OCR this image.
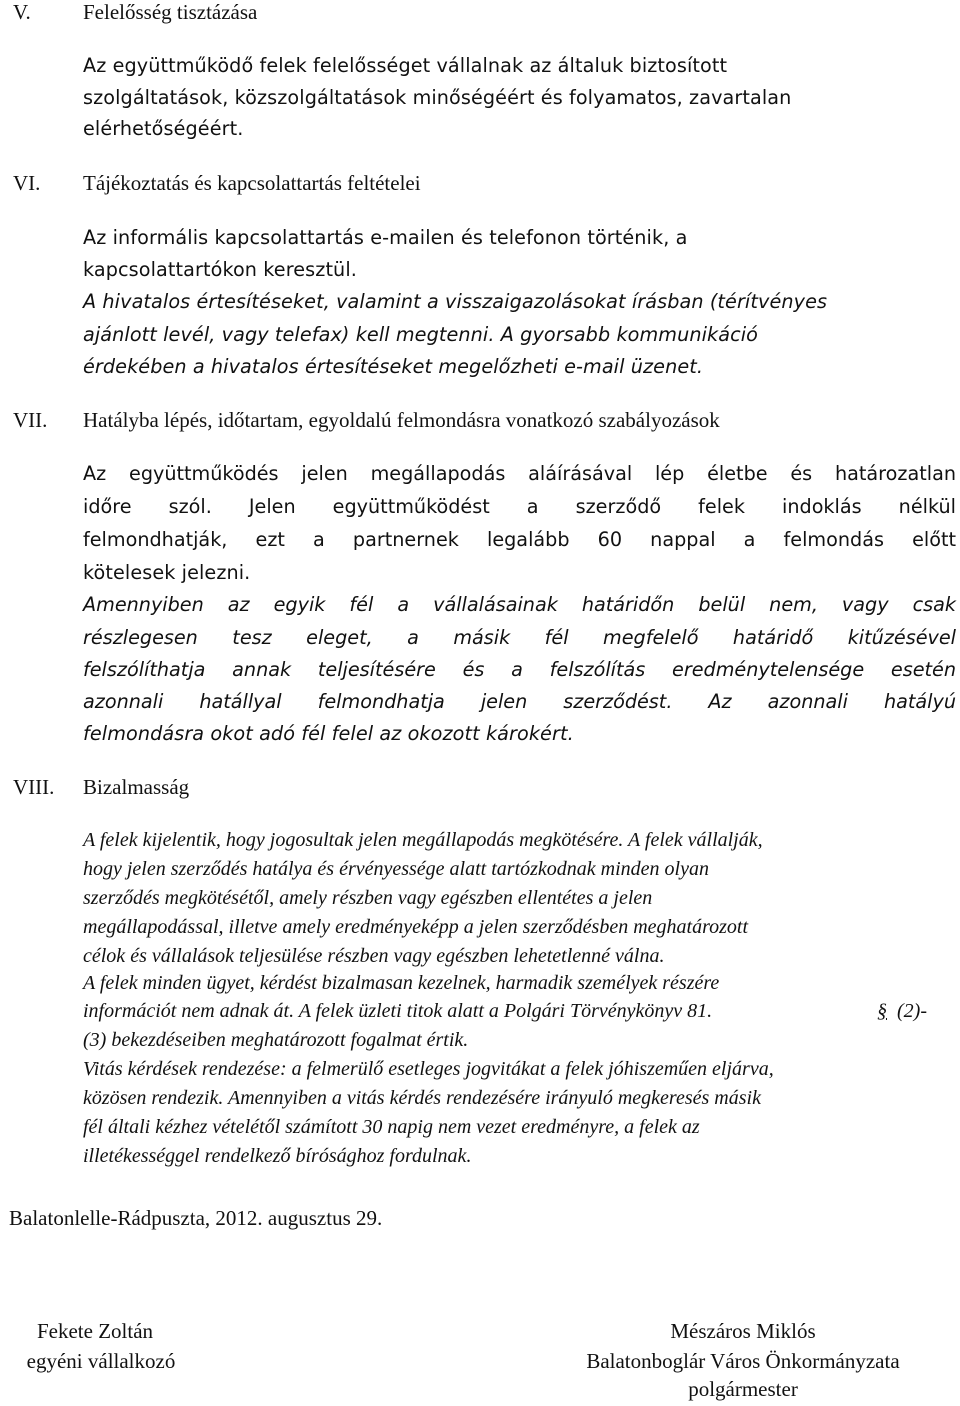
V. Felelősség tisztázása
Az együttműködő felek felelősséget vállalnak az általuk biztosított
szolgáltatások, közszolgáltatások minőségéért és folyamatos, zavartalan
elérhetőségéért.
VI. Tájékoztatás és kapcsolattartás feltételei
Az informális kapcsolattartás e-mailen és telefonon történik, a
kapcsolattartókon keresztül.
A hivatalos értesítéseket, valamint a visszaigazolásokat írásban (térítvényes
ajánlott levél, vagy telefax) kell megtenni. A gyorsabb kommunikáció
érdekében a hivatalos értesítéseket megelőzheti e-mail üzenet.
VII. Hatályba lépés, időtartam, egyoldalú felmondásra vonatkozó szabályozások
Az együttműködés jelen megállapodás aláírásával lép életbe és határozatlan
időre szól. Jelen együttműködést a szerződő felek indoklás nélkül
felmondhatják, ezt a partnernek legalább 60 nappal a felmondás előtt
kötelesek jelezni.
Amennyiben az egyik fél a vállalásainak határidőn belül nem, vagy csak
részlegesen tesz eleget, a másik fél megfelelő határidő kitűzésével
felszólíthatja annak teljesítésére és a felszólítás eredménytelensége esetén
azonnali hatállyal felmondhatja jelen szerződést. Az azonnali hatályú
felmondásra okot adó fél felel az okozott károkért.
VIII. Bizalmasság
A felek kijelentik, hogy jogosultak jelen megállapodás megkötésére. A felek vállalják,
hogy jelen szerződés hatálya és érvényessége alatt tartózkodnak minden olyan
szerződés megkötésétől, amely részben vagy egészben ellentétes a jelen
megállapodással, illetve amely eredményeképp a jelen szerződésben meghatározott
célok és vállalások teljesülése részben vagy egészben lehetetlenné válna.
A felek minden ügyet, kérdést bizalmasan kezelnek, harmadik személyek részére
információt nem adnak át. A felek üzleti titok alatt a Polgári Törvénykönyv 81.	§ (2)-
(3) bekezdéseiben meghatározott fogalmat értik.
Vitás kérdések rendezése: a felmerülő esetleges jogvitákat a felek jóhiszeműen eljárva,
közösen rendezik. Amennyiben a vitás kérdés rendezésére irányuló megkeresés másik
fél általi kézhez vételétől számított 30 napig nem vezet eredményre, a felek az
illetékességgel rendelkező bírósághoz fordulnak.
Balatonlelle-Rádpuszta, 2012. augusztus 29.
Fekete Zoltán
egyéni vállalkozó
Mészáros Miklós
Balatonboglár Város Önkormányzata
polgármester
